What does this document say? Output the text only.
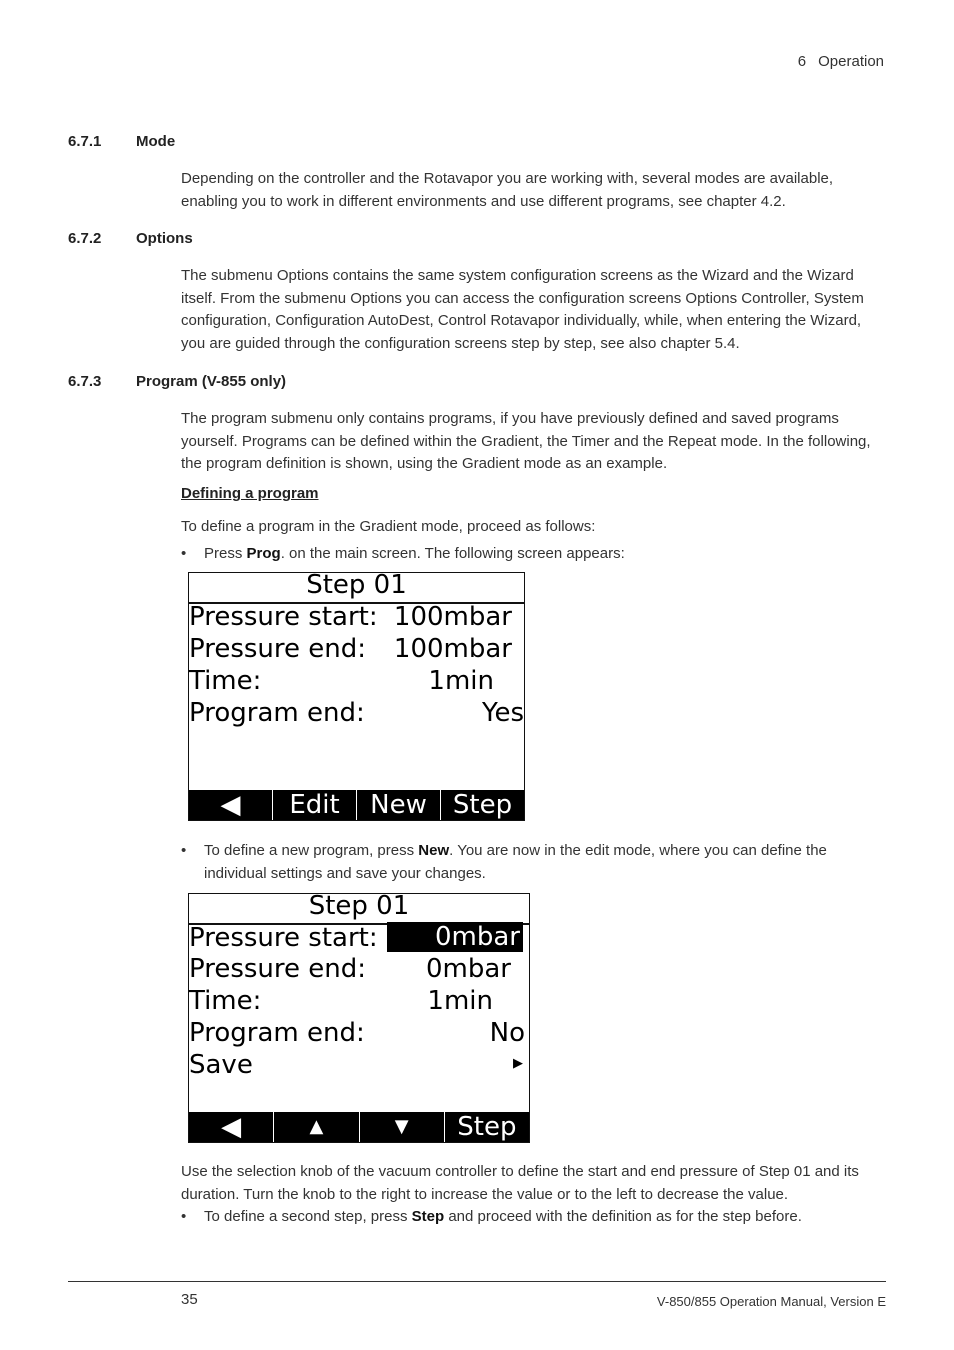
6 Operation
6.7.1 Mode
Depending on the controller and the Rotavapor you are working with, several modes are available, enabling you to work in different environments and use different programs, see chapter 4.2.
6.7.2 Options
The submenu Options contains the same system configuration screens as the Wizard and the Wizard itself. From the submenu Options you can access the configuration screens Options Controller, System configuration, Configuration AutoDest, Control Rotavapor individually, while, when entering the Wizard, you are guided through the configuration screens step by step, see also chapter 5.4.
6.7.3 Program (V-855 only)
The program submenu only contains programs, if you have previously defined and saved programs yourself. Programs can be defined within the Gradient, the Timer and the Repeat mode. In the following, the program definition is shown, using the Gradient mode as an example.
Defining a program
To define a program in the Gradient mode, proceed as follows:
•	Press Prog. on the main screen. The following screen appears:
Step 01
Pressure start: 100mbar
Pressure end: 100mbar
Time:	1min
Program end:	Yes
◀	Edit	New	Step
•	To define a new program, press New. You are now in the edit mode, where you can define the individual settings and save your changes.
Step 01
Pressure start:	0mbar
Pressure end: 0mbar
Time:	1min
Program end:	No
Save	▶
◀	▲	▼	Step
Use the selection knob of the vacuum controller to define the start and end pressure of Step 01 and its duration. Turn the knob to the right to increase the value or to the left to decrease the value.
•	To define a second step, press Step and proceed with the definition as for the step before.
35	V-850/855 Operation Manual, Version E
